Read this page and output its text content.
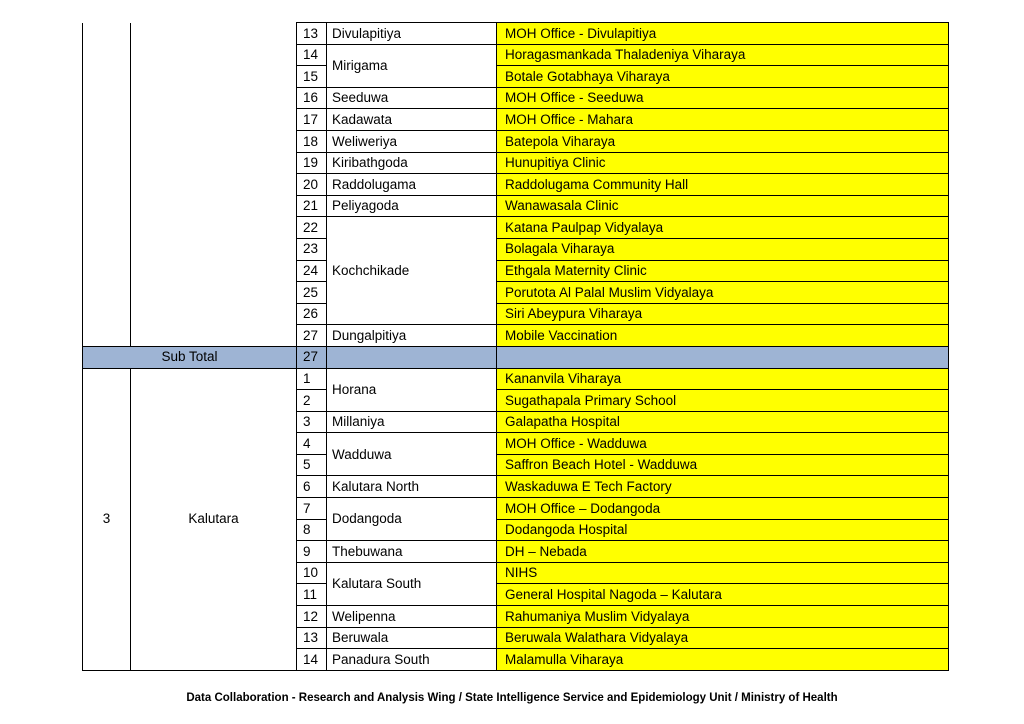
		13	Divulapitiya	MOH Office - Divulapitiya
		14	Mirigama	Horagasmankada Thaladeniya Viharaya
		15		Botale Gotabhaya Viharaya
		16	Seeduwa	MOH Office - Seeduwa
		17	Kadawata	MOH Office - Mahara
		18	Weliweriya	Batepola Viharaya
		19	Kiribathgoda	Hunupitiya Clinic
		20	Raddolugama	Raddolugama Community Hall
		21	Peliyagoda	Wanawasala Clinic
		22	Kochchikade	Katana Paulpap Vidyalaya
		23		Bolagala Viharaya
		24		Ethgala Maternity Clinic
		25		Porutota Al Palal Muslim Vidyalaya
		26		Siri Abeypura Viharaya
		27	Dungalpitiya	Mobile Vaccination
Sub Total		27		
3	Kalutara	1	Horana	Kananvila Viharaya
		2		Sugathapala Primary School
		3	Millaniya	Galapatha Hospital
		4	Wadduwa	MOH Office - Wadduwa
		5		Saffron Beach Hotel - Wadduwa
		6	Kalutara North	Waskaduwa E Tech Factory
		7	Dodangoda	MOH Office – Dodangoda
		8		Dodangoda Hospital
		9	Thebuwana	DH – Nebada
		10	Kalutara South	NIHS
		11		General Hospital Nagoda – Kalutara
		12	Welipenna	Rahumaniya Muslim Vidyalaya
		13	Beruwala	Beruwala Walathara Vidyalaya
		14	Panadura South	Malamulla Viharaya
Data Collaboration - Research and Analysis Wing / State Intelligence Service and Epidemiology Unit / Ministry of Health
